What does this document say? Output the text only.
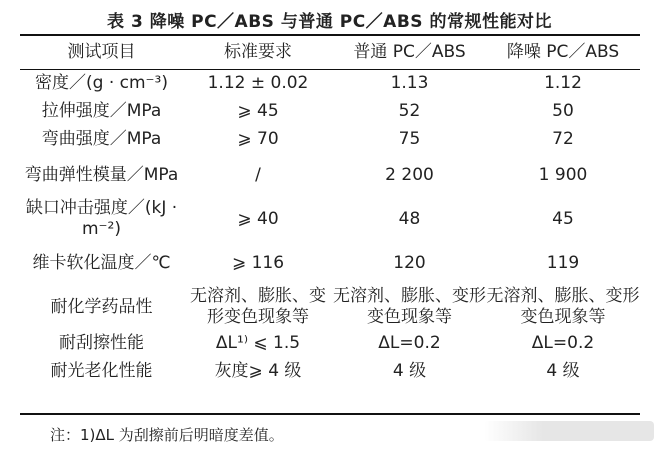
表 3 降噪 PC／ABS 与普通 PC／ABS 的常规性能对比
测试项目	标准要求	普通 PC／ABS	降噪 PC／ABS
密度／(g · cm⁻³)	1.12 ± 0.02	1.13	1.12
拉伸强度／MPa	⩾ 45	52	50
弯曲强度／MPa	⩾ 70	75	72
弯曲弹性模量／MPa	/	2 200	1 900
缺口冲击强度／(kJ · m⁻²)	⩾ 40	48	45
维卡软化温度／℃	⩾ 116	120	119
耐化学药品性	无溶剂、膨胀、变形变色现象等	无溶剂、膨胀、变形变色现象等	无溶剂、膨胀、变形变色现象等
耐刮擦性能	ΔL¹⁾ ⩽ 1.5	ΔL=0.2	ΔL=0.2
耐光老化性能	灰度⩾ 4 级	4 级	4 级
注：1)ΔL 为刮擦前后明暗度差值。
